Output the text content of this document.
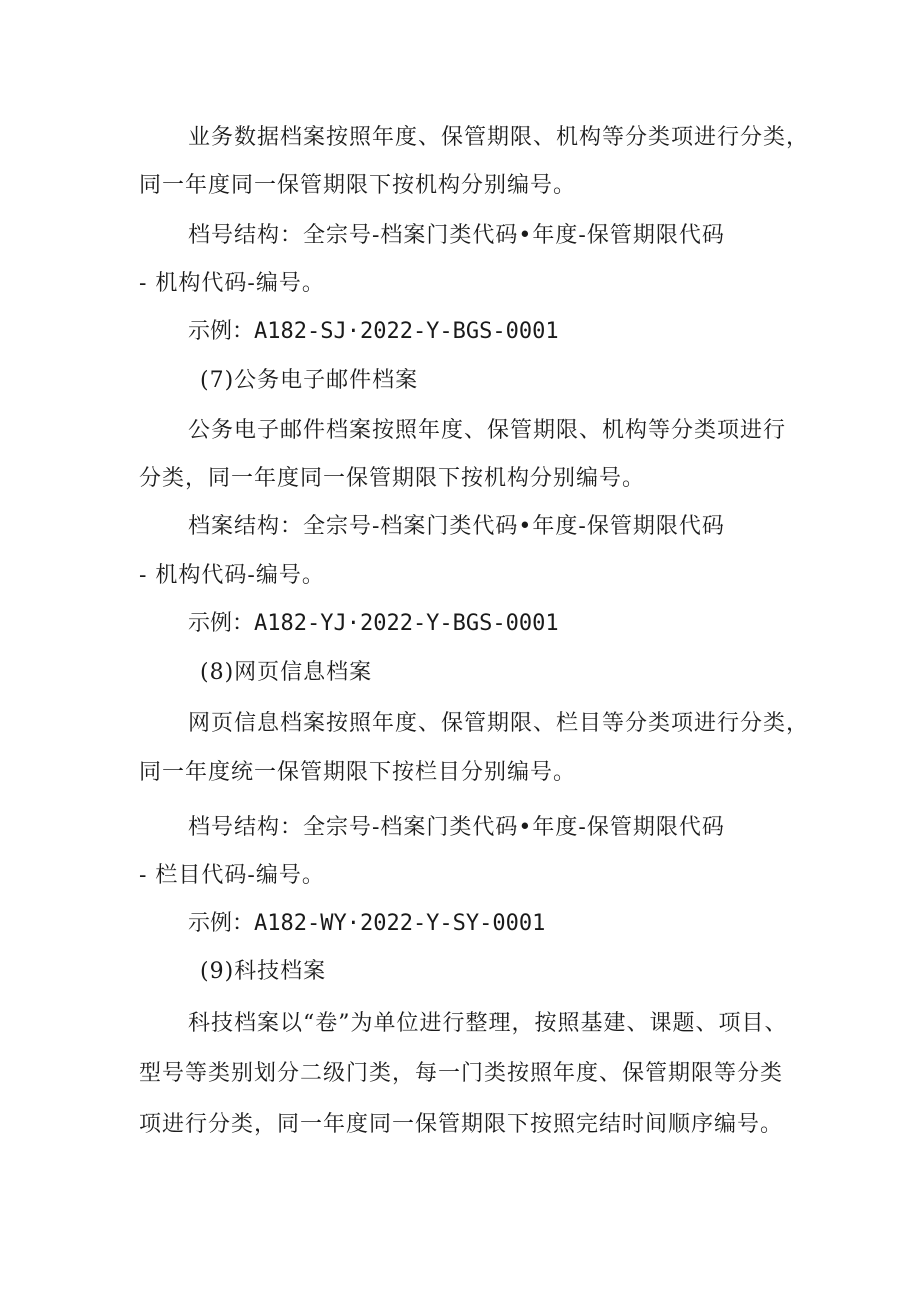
业务数据档案按照年度、保管期限、机构等分类项进行分类，
同一年度同一保管期限下按机构分别编号。
档号结构：全宗号-档案门类代码•年度-保管期限代码
- 机构代码-编号。
示例：A182-SJ·2022-Y-BGS-0001
(7)公务电子邮件档案
公务电子邮件档案按照年度、保管期限、机构等分类项进行
分类，同一年度同一保管期限下按机构分别编号。
档案结构：全宗号-档案门类代码•年度-保管期限代码
- 机构代码-编号。
示例：A182-YJ·2022-Y-BGS-0001
(8)网页信息档案
网页信息档案按照年度、保管期限、栏目等分类项进行分类，
同一年度统一保管期限下按栏目分别编号。
档号结构：全宗号-档案门类代码•年度-保管期限代码
- 栏目代码-编号。
示例：A182-WY·2022-Y-SY-0001
(9)科技档案
科技档案以“卷”为单位进行整理，按照基建、课题、项目、
型号等类别划分二级门类，每一门类按照年度、保管期限等分类
项进行分类，同一年度同一保管期限下按照完结时间顺序编号。
